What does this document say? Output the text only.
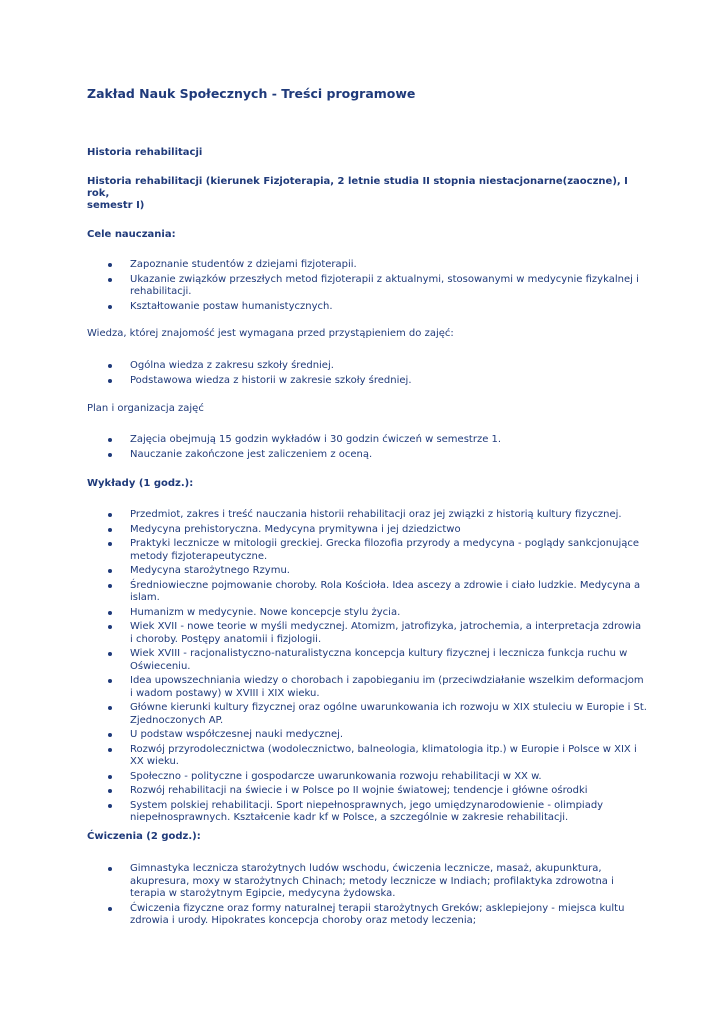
Zakład Nauk Społecznych - Treści programowe
Historia rehabilitacji
Historia rehabilitacji (kierunek Fizjoterapia, 2 letnie studia II stopnia niestacjonarne(zaoczne), I
rok,
semestr I)
Cele nauczania:
Zapoznanie studentów z dziejami fizjoterapii.
Ukazanie związków przeszłych metod fizjoterapii z aktualnymi, stosowanymi w medycynie fizykalnej i rehabilitacji.
Kształtowanie postaw humanistycznych.
Wiedza, której znajomość jest wymagana przed przystąpieniem do zajęć:
Ogólna wiedza z zakresu szkoły średniej.
Podstawowa wiedza z historii w zakresie szkoły średniej.
Plan i organizacja zajęć
Zajęcia obejmują 15 godzin wykładów i 30 godzin ćwiczeń w semestrze 1.
Nauczanie zakończone jest zaliczeniem z oceną.
Wykłady (1 godz.):
Przedmiot, zakres i treść nauczania historii rehabilitacji oraz jej związki z historią kultury fizycznej.
Medycyna prehistoryczna. Medycyna prymitywna i jej dziedzictwo
Praktyki lecznicze w mitologii greckiej. Grecka filozofia przyrody a medycyna - poglądy sankcjonujące metody fizjoterapeutyczne.
Medycyna starożytnego Rzymu.
Średniowieczne pojmowanie choroby. Rola Kościoła. Idea ascezy a zdrowie i ciało ludzkie. Medycyna a islam.
Humanizm w medycynie. Nowe koncepcje stylu życia.
Wiek XVII - nowe teorie w myśli medycznej. Atomizm, jatrofizyka, jatrochemia, a interpretacja zdrowia i choroby. Postępy anatomii i fizjologii.
Wiek XVIII - racjonalistyczno-naturalistyczna koncepcja kultury fizycznej i lecznicza funkcja ruchu w Oświeceniu.
Idea upowszechniania wiedzy o chorobach i zapobieganiu im (przeciwdziałanie wszelkim deformacjom i wadom postawy) w XVIII i XIX wieku.
Główne kierunki kultury fizycznej oraz ogólne uwarunkowania ich rozwoju w XIX stuleciu w Europie i St. Zjednoczonych AP.
U podstaw współczesnej nauki medycznej.
Rozwój przyrodolecznictwa (wodolecznictwo, balneologia, klimatologia itp.) w Europie i Polsce w XIX i XX wieku.
Społeczno - polityczne i gospodarcze uwarunkowania rozwoju rehabilitacji w XX w.
Rozwój rehabilitacji na świecie i w Polsce po II wojnie światowej; tendencje i główne ośrodki
System polskiej rehabilitacji. Sport niepełnosprawnych, jego umiędzynarodowienie - olimpiady niepełnosprawnych. Kształcenie kadr kf w Polsce, a szczególnie w zakresie rehabilitacji.
Ćwiczenia (2 godz.):
Gimnastyka lecznicza starożytnych ludów wschodu, ćwiczenia lecznicze, masaż, akupunktura, akupresura, moxy w starożytnych Chinach; metody lecznicze w Indiach; profilaktyka zdrowotna i terapia w starożytnym Egipcie, medycyna żydowska.
Ćwiczenia fizyczne oraz formy naturalnej terapii starożytnych Greków; asklepiejony - miejsca kultu zdrowia i urody. Hipokrates koncepcja choroby oraz metody leczenia;
